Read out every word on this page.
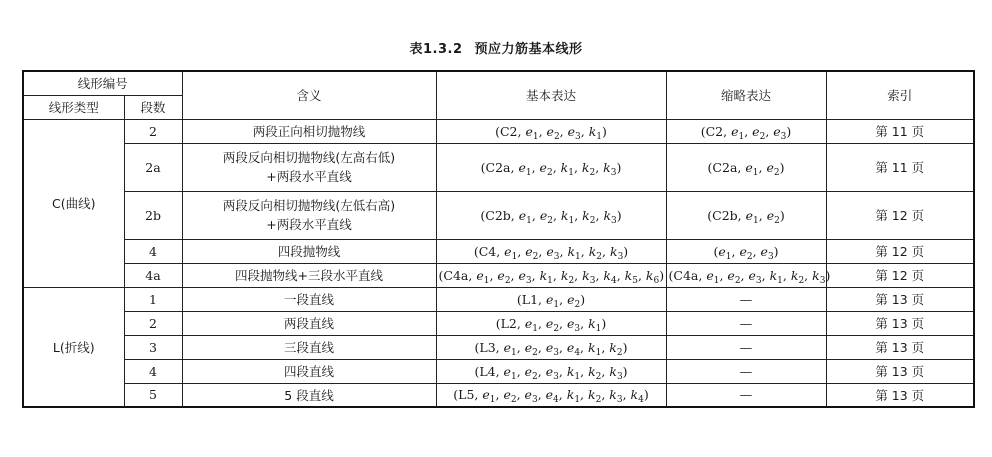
表1.3.2 预应力筋基本线形
线形编号		含义	基本表达	缩略表达	索引
线形类型	段数				
C(曲线)	2	两段正向相切抛物线	(C2, $e_1$, $e_2$, $e_3$, $k_1$)	(C2, $e_1$, $e_2$, $e_3$)	第 11 页
	2a	两段反向相切抛物线(左高右低)
+两段水平直线	(C2a, $e_1$, $e_2$, $k_1$, $k_2$, $k_3$)	(C2a, $e_1$, $e_2$)	第 11 页
	2b	两段反向相切抛物线(左低右高)
+两段水平直线	(C2b, $e_1$, $e_2$, $k_1$, $k_2$, $k_3$)	(C2b, $e_1$, $e_2$)	第 12 页
	4	四段抛物线	(C4, $e_1$, $e_2$, $e_3$, $k_1$, $k_2$, $k_3$)	($e_1$, $e_2$, $e_3$)	第 12 页
	4a	四段抛物线+三段水平直线	(C4a, $e_1$, $e_2$, $e_3$, $k_1$, $k_2$, $k_3$, $k_4$, $k_5$, $k_6$)	(C4a, $e_1$, $e_2$, $e_3$, $k_1$, $k_2$, $k_3$)	第 12 页
L(折线)	1	一段直线	(L1, $e_1$, $e_2$)	—	第 13 页
	2	两段直线	(L2, $e_1$, $e_2$, $e_3$, $k_1$)	—	第 13 页
	3	三段直线	(L3, $e_1$, $e_2$, $e_3$, $e_4$, $k_1$, $k_2$)	—	第 13 页
	4	四段直线	(L4, $e_1$, $e_2$, $e_3$, $k_1$, $k_2$, $k_3$)	—	第 13 页
	5	5 段直线	(L5, $e_1$, $e_2$, $e_3$, $e_4$, $k_1$, $k_2$, $k_3$, $k_4$)	—	第 13 页
